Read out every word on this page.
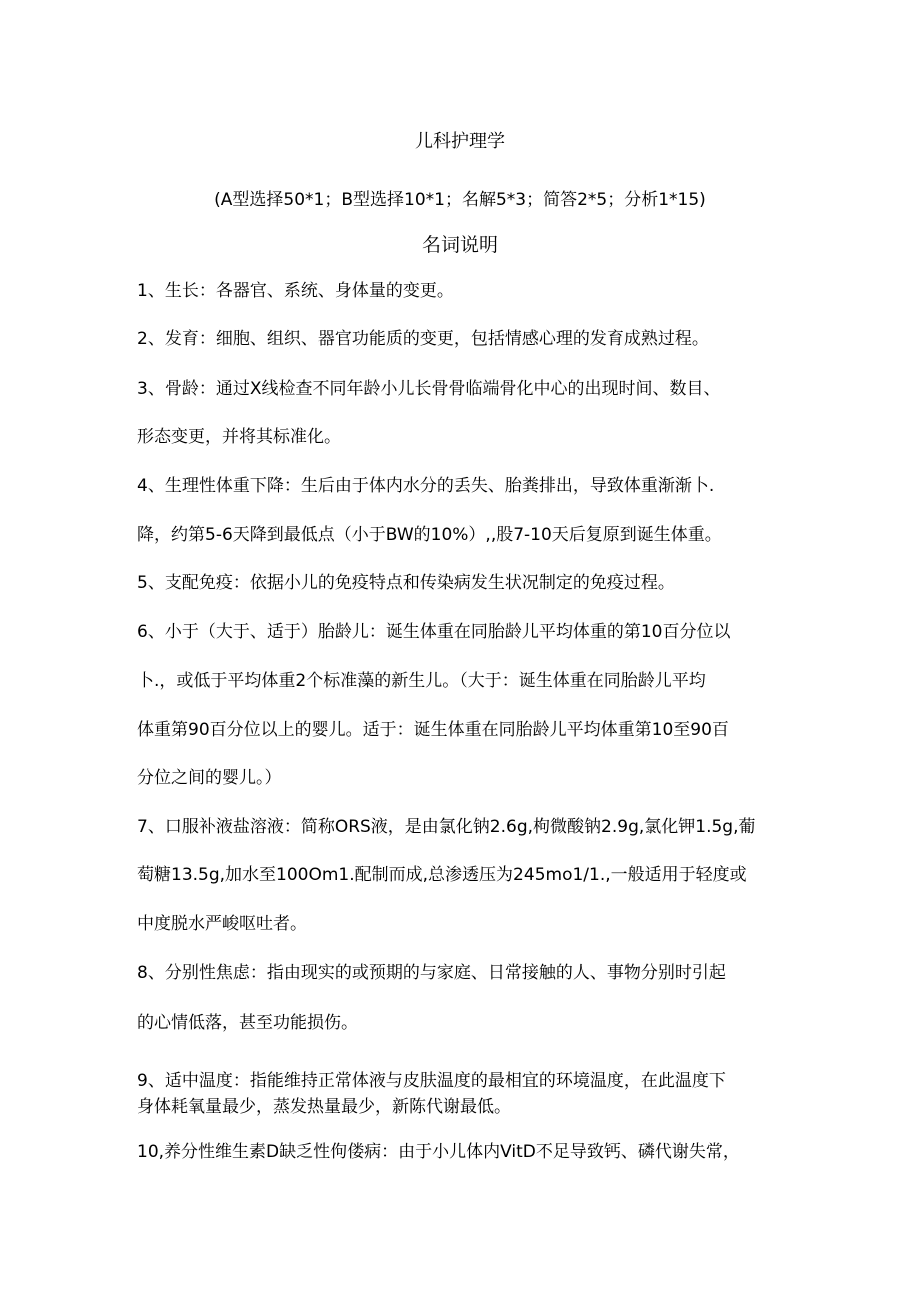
儿科护理学
(A型选择50*1；B型选择10*1；名解5*3；简答2*5；分析1*15)
名词说明
1、生长：各器官、系统、身体量的变更。
2、发育：细胞、组织、器官功能质的变更，包括情感心理的发育成熟过程。
3、骨龄：通过X线检查不同年龄小儿长骨骨临端骨化中心的出现时间、数目、
形态变更，并将其标准化。
4、生理性体重下降：生后由于体内水分的丢失、胎粪排出，导致体重渐渐卜.
降，约第5-6天降到最低点（小于BW的10%）,,股7-10天后复原到诞生体重。
5、支配免疫：依据小儿的免疫特点和传染病发生状况制定的免疫过程。
6、小于（大于、适于）胎龄儿：诞生体重在同胎龄儿平均体重的第10百分位以
卜.，或低于平均体重2个标准藻的新生儿。（大于：诞生体重在同胎龄儿平均
体重第90百分位以上的婴儿。适于：诞生体重在同胎龄儿平均体重第10至90百
分位之间的婴儿。）
7、口服补液盐溶液：简称ORS液，是由氯化钠2.6g,枸微酸钠2.9g,氯化钾1.5g,葡
萄糖13.5g,加水至100Om1.配制而成,总渗透压为245mo1∕1.,一般适用于轻度或
中度脱水严峻呕吐者。
8、分别性焦虑：指由现实的或预期的与家庭、日常接触的人、事物分别时引起
的心情低落，甚至功能损伤。
9、适中温度：指能维持正常体液与皮肤温度的最相宜的环境温度，在此温度下
身体耗氧量最少，蒸发热量最少，新陈代谢最低。
10,养分性维生素D缺乏性佝偻病：由于小儿体内VitD不足导致钙、磷代谢失常，
